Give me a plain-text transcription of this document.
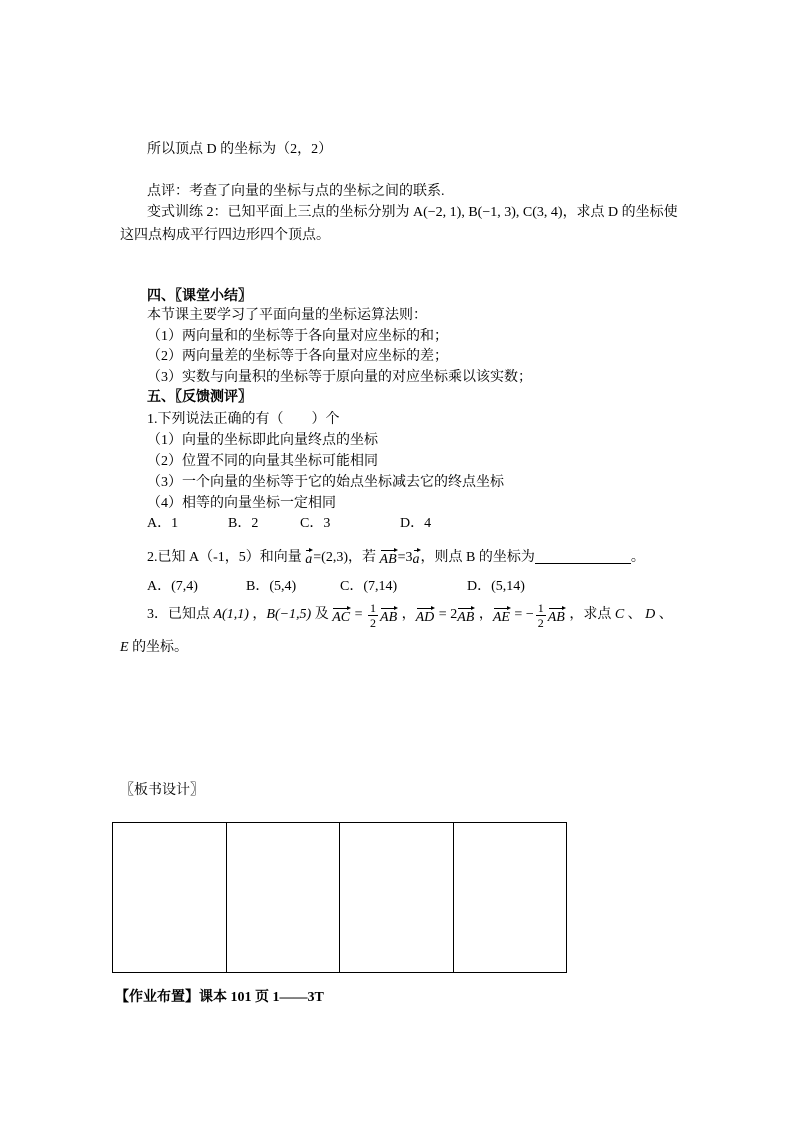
所以顶点 D 的坐标为（2，2）
点评：考查了向量的坐标与点的坐标之间的联系.
变式训练 2：已知平面上三点的坐标分别为 A(−2, 1), B(−1, 3), C(3, 4) ，求点 D 的坐标使
这四点构成平行四边形四个顶点。
四、〖课堂小结〗
本节课主要学习了平面向量的坐标运算法则：
（1）两向量和的坐标等于各向量对应坐标的和；
（2）两向量差的坐标等于各向量对应坐标的差；
（3）实数与向量积的坐标等于原向量的对应坐标乘以该实数；
五、〖反馈测评〗
1.下列说法正确的有（　　）个
（1）向量的坐标即此向量终点的坐标
（2）位置不同的向量其坐标可能相同
（3）一个向量的坐标等于它的始点坐标减去它的终点坐标
（4）相等的向量坐标一定相同
A．1	B．2	C．3	D．4
2.已知 A（-1，5）和向量 a =(2,3)，若 AB =3 a ，则点 B 的坐标为	。
A．(7,4)	B．(5,4)	C．(7,14)	D．(5,14)
3．已知点 A(1,1) ， B(−1,5) 及 AC = $\frac{1}{2}$ AB ， AD = 2 AB ， AE = − $\frac{1}{2}$ AB ，求点 C 、 D 、
E 的坐标。
〖板书设计〗

【作业布置】课本 101 页 1——3T
